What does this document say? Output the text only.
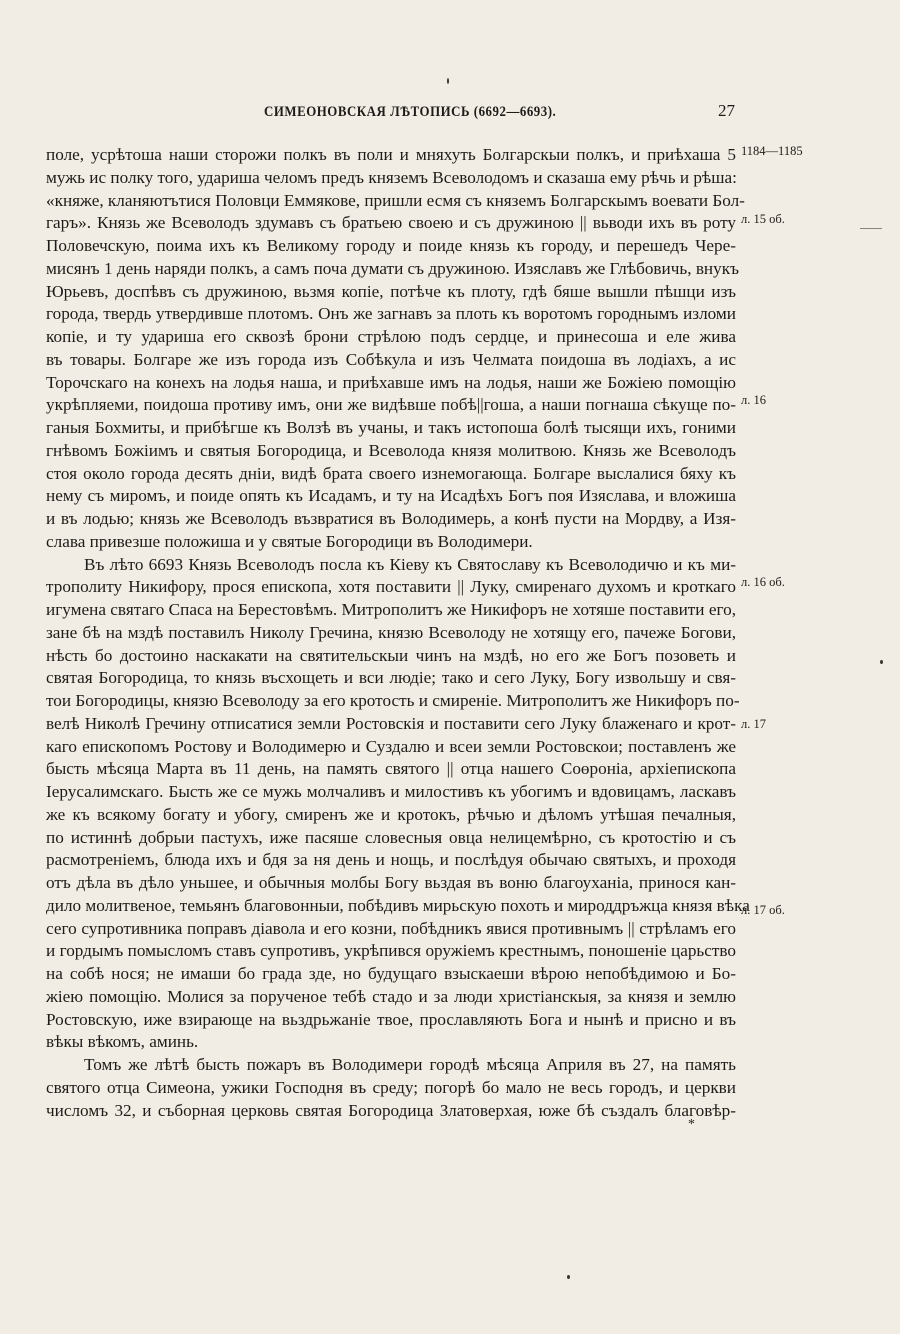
СИМЕОНОВСКАЯ ЛѢТОПИСЬ (6692—6693).	27
поле, усрѣтоша наши сторожи полкъ въ поли и мняхуть Болгарскыи полкъ, и приѣхаша 5
мужь ис полку того, удариша челомъ предъ княземъ Всеволодомъ и сказаша ему рѣчь и рѣша:
«княже, кланяютътися Половци Еммякове, пришли есмя съ княземъ Болгарскымъ воевати Бол-
гаръ». Князь же Всеволодъ здумавъ съ братьею своею и съ дружиною || вьводи ихъ въ роту
Половечскую, поима ихъ къ Великому городу и поиде князь къ городу, и перешедъ Чере-
мисянъ 1 день наряди полкъ, а самъ поча думати съ дружиною. Изяславъ же Глѣбовичь, внукъ
Юрьевъ, доспѣвъ съ дружиною, вьзмя копiе, потѣче къ плоту, гдѣ бяше вышли пѣшци изъ
города, твердь утвердивше плотомъ. Онъ же загнавъ за плоть къ воротомъ городнымъ изломи
копiе, и ту удариша его сквозѣ брони стрѣлою подъ сердце, и принесоша и еле жива
въ товары. Болгаре же изъ города изъ Собѣкула и изъ Челмата поидоша въ лодiахъ, а ис
Торочскаго на конехъ на лодья наша, и приѣхавше имъ на лодья, наши же Божiею помощiю
укрѣпляеми, поидоша противу имъ, они же видѣвше побѣ||гоша, а наши погнаша сѣкуще по-
ганыя Бохмиты, и прибѣгше къ Волзѣ въ учаны, и такъ истопоша болѣ тысящи ихъ, гоними
гнѣвомъ Божiимъ и святыя Богородица, и Всеволода князя молитвою. Князь же Всеволодъ
стоя около города десять днiи, видѣ брата своего изнемогающа. Болгаре выслалися бяху къ
нему съ миромъ, и поиде опять къ Исадамъ, и ту на Исадѣхъ Богъ поя Изяслава, и вложиша
и въ лодью; князь же Всеволодъ възвратися въ Володимерь, а конѣ пусти на Мордву, а Изя-
слава привезше положиша и у святые Богородици въ Володимери.
Въ лѣто 6693 Князь Всеволодъ посла къ Кiеву къ Святославу къ Всеволодичю и къ ми-
трополиту Никифору, прося епископа, хотя поставити || Луку, смиренаго духомъ и кроткаго
игумена святаго Спаса на Берестовѣмъ. Митрополитъ же Никифоръ не хотяше поставити его,
зане бѣ на мздѣ поставилъ Николу Гречина, князю Всеволоду не хотящу его, пачеже Богови,
нѣсть бо достоино наскакати на святительскыи чинъ на мздѣ, но его же Богъ позоветь и
святая Богородица, то князь въсхощеть и вси людiе; тако и сего Луку, Богу извольшу и свя-
тои Богородицы, князю Всеволоду за его кротость и смиренiе. Митрополитъ же Никифоръ по-
велѣ Николѣ Гречину отписатися земли Ростовскiя и поставити сего Луку блаженаго и крот-
каго епископомъ Ростову и Володимерю и Суздалю и всеи земли Ростовскои; поставленъ же
бысть мѣсяца Марта въ 11 день, на память святого || отца нашего Соөронiа, архiепископа
Iерусалимскаго. Бысть же се мужь молчаливъ и милостивъ къ убогимъ и вдовицамъ, ласкавъ
же къ всякому богату и убогу, смиренъ же и кротокъ, рѣчью и дѣломъ утѣшая печалныя,
по истиннѣ добрыи пастухъ, иже пасяше словесныя овца нелицемѣрно, съ кротостiю и съ
расмотренiемъ, блюда ихъ и бдя за ня день и нощь, и послѣдуя обычаю святыхъ, и проходя
отъ дѣла въ дѣло уньшее, и обычныя молбы Богу вьздая въ воню благоуханiа, принося кан-
дило молитвеное, темьянъ благовонныи, побѣдивъ мирьскую похоть и мироддръжца князя вѣка
сего супротивника поправъ дiавола и его козни, побѣдникъ явися противнымъ || стрѣламъ его
и гордымъ помысломъ ставъ супротивъ, укрѣпився оружiемъ крестнымъ, поношенiе царьство
на собѣ нося; не имаши бо града зде, но будущаго взыскаеши вѣрою непобѣдимою и Бо-
жiею помощiю. Молися за порученое тебѣ стадо и за люди христiанскыя, за князя и землю
Ростовскую, иже взирающе на вьздрьжанiе твое, прославляють Бога и нынѣ и присно и въ
вѣкы вѣкомъ, аминь.
Томъ же лѣтѣ бысть пожаръ въ Володимери городѣ мѣсяца Априля въ 27, на память
святого отца Симеона, ужики Господня въ среду; погорѣ бо мало не весь городъ, и церкви
числомъ 32, и съборная церковь святая Богородица Златоверхая, юже бѣ създалъ благовѣр-
1184—1185
л. 15 об.
л. 16
л. 16 об.
л. 17
л. 17 об.
*
